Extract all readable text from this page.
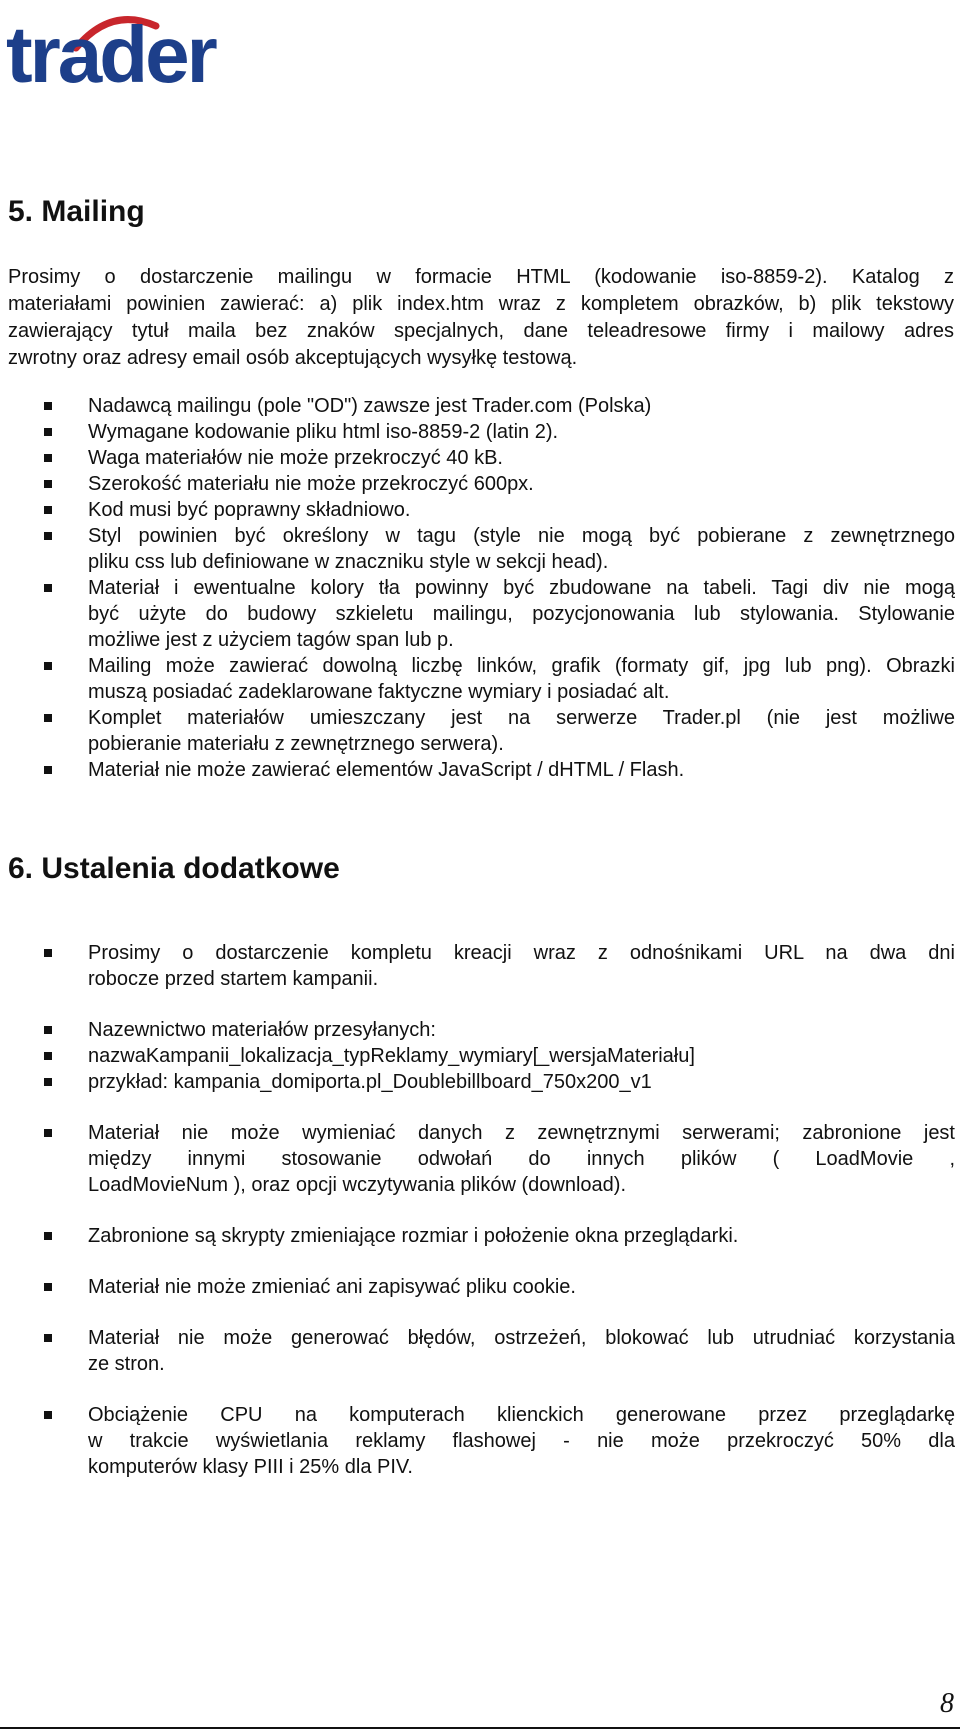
trader
5. Mailing
Prosimy o dostarczenie mailingu w formacie HTML (kodowanie iso-8859-2). Katalog z
materiałami powinien zawierać: a) plik index.htm wraz z kompletem obrazków, b) plik tekstowy
zawierający tytuł maila bez znaków specjalnych, dane teleadresowe firmy i mailowy adres
zwrotny oraz adresy email osób akceptujących wysyłkę testową.
Nadawcą mailingu (pole "OD") zawsze jest Trader.com (Polska)
Wymagane kodowanie pliku html iso-8859-2 (latin 2).
Waga materiałów nie może przekroczyć 40 kB.
Szerokość materiału nie może przekroczyć 600px.
Kod musi być poprawny składniowo.
Styl powinien być określony w tagu (style nie mogą być pobierane z zewnętrznego
pliku css lub definiowane w znaczniku style w sekcji head).
Materiał i ewentualne kolory tła powinny być zbudowane na tabeli. Tagi div nie mogą
być użyte do budowy szkieletu mailingu, pozycjonowania lub stylowania. Stylowanie
możliwe jest z użyciem tagów span lub p.
Mailing może zawierać dowolną liczbę linków, grafik (formaty gif, jpg lub png). Obrazki
muszą posiadać zadeklarowane faktyczne wymiary i posiadać alt.
Komplet materiałów umieszczany jest na serwerze Trader.pl (nie jest możliwe
pobieranie materiału z zewnętrznego serwera).
Materiał nie może zawierać elementów JavaScript / dHTML / Flash.
6. Ustalenia dodatkowe
Prosimy o dostarczenie kompletu kreacji wraz z odnośnikami URL na dwa dni
robocze przed startem kampanii.
Nazewnictwo materiałów przesyłanych:
nazwaKampanii_lokalizacja_typReklamy_wymiary[_wersjaMateriału]
przykład: kampania_domiporta.pl_Doublebillboard_750x200_v1
Materiał nie może wymieniać danych z zewnętrznymi serwerami; zabronione jest
między innymi stosowanie odwołań do innych plików ( LoadMovie ,
LoadMovieNum ), oraz opcji wczytywania plików (download).
Zabronione są skrypty zmieniające rozmiar i położenie okna przeglądarki.
Materiał nie może zmieniać ani zapisywać pliku cookie.
Materiał nie może generować błędów, ostrzeżeń, blokować lub utrudniać korzystania
ze stron.
Obciążenie CPU na komputerach klienckich generowane przez przeglądarkę
w trakcie wyświetlania reklamy flashowej - nie może przekroczyć 50% dla
komputerów klasy PIII i 25% dla PIV.
8
